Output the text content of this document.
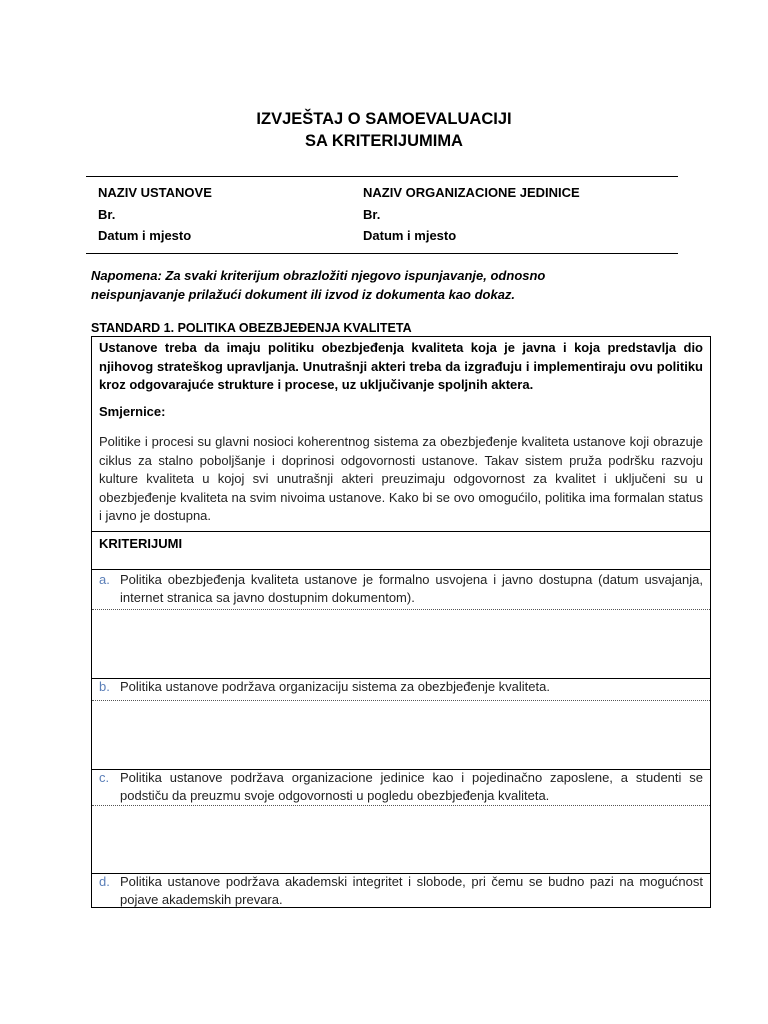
IZVJEŠTAJ O SAMOEVALUACIJI
SA KRITERIJUMIMA
NAZIV USTANOVE
Br.
Datum i mjesto
NAZIV ORGANIZACIONE JEDINICE
Br.
Datum i mjesto
Napomena: Za svaki kriterijum obrazložiti njegovo ispunjavanje, odnosno
neispunjavanje prilažući dokument ili izvod iz dokumenta kao dokaz.
STANDARD 1. POLITIKA OBEZBJEĐENJA KVALITETA
Ustanove treba da imaju politiku obezbjeđenja kvaliteta koja je javna i koja predstavlja dio njihovog strateškog upravljanja. Unutrašnji akteri treba da izgrađuju i implementiraju ovu politiku kroz odgovarajuće strukture i procese, uz uključivanje spoljnih aktera.
Smjernice:
Politike i procesi su glavni nosioci koherentnog sistema za obezbjeđenje kvaliteta ustanove koji obrazuje ciklus za stalno poboljšanje i doprinosi odgovornosti ustanove. Takav sistem pruža podršku razvoju kulture kvaliteta u kojoj svi unutrašnji akteri preuzimaju odgovornost za kvalitet i uključeni su u obezbjeđenje kvaliteta na svim nivoima ustanove. Kako bi se ovo omogućilo, politika ima formalan status i javno je dostupna.
KRITERIJUMI
a. Politika obezbjeđenja kvaliteta ustanove je formalno usvojena i javno dostupna (datum usvajanja, internet stranica sa javno dostupnim dokumentom).
b. Politika ustanove podržava organizaciju sistema za obezbjeđenje kvaliteta.
c. Politika ustanove podržava organizacione jedinice kao i pojedinačno zaposlene, a studenti se podstiču da preuzmu svoje odgovornosti u pogledu obezbjeđenja kvaliteta.
d. Politika ustanove podržava akademski integritet i slobode, pri čemu se budno pazi na mogućnost pojave akademskih prevara.
